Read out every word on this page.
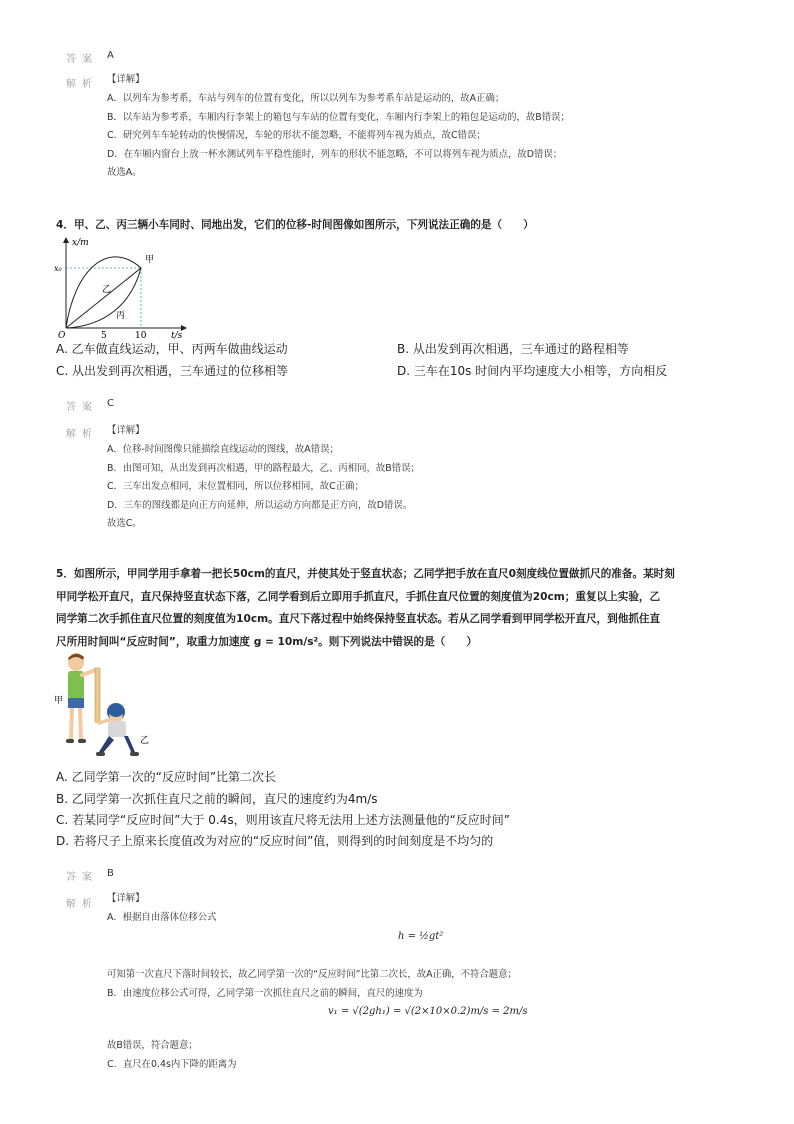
答案 A
解析 【详解】
A．以列车为参考系，车站与列车的位置有变化，所以以列车为参考系车站是运动的，故A正确；
B．以车站为参考系，车厢内行李架上的箱包与车站的位置有变化，车厢内行李架上的箱包是运动的，故B错误；
C．研究列车车轮转动的快慢情况，车轮的形状不能忽略，不能将列车视为质点，故C错误；
D．在车厢内窗台上放一杯水测试列车平稳性能时，列车的形状不能忽略，不可以将列车视为质点，故D错误；
故选A。
4．甲、乙、丙三辆小车同时、同地出发，它们的位移-时间图像如图所示，下列说法正确的是（　　）
x/m
x₀
O	5	10	t/s
甲
乙
丙
A. 乙车做直线运动，甲、丙两车做曲线运动	B. 从出发到再次相遇，三车通过的路程相等
C. 从出发到再次相遇，三车通过的位移相等	D. 三车在10s 时间内平均速度大小相等，方向相反
答案 C
解析 【详解】
A．位移-时间图像只能描绘直线运动的图线，故A错误；
B．由图可知，从出发到再次相遇，甲的路程最大，乙、丙相同，故B错误；
C．三车出发点相同，末位置相同，所以位移相同，故C正确；
D．三车的图线都是向正方向延伸，所以运动方向都是正方向，故D错误。
故选C。
5．如图所示，甲同学用手拿着一把长50cm的直尺，并使其处于竖直状态；乙同学把手放在直尺0刻度线位置做抓尺的准备。某时刻
甲同学松开直尺，直尺保持竖直状态下落，乙同学看到后立即用手抓直尺，手抓住直尺位置的刻度值为20cm；重复以上实验，乙
同学第二次手抓住直尺位置的刻度值为10cm。直尺下落过程中始终保持竖直状态。若从乙同学看到甲同学松开直尺，到他抓住直
尺所用时间叫“反应时间”，取重力加速度 g = 10m/s²。则下列说法中错误的是（　　）
甲
乙
A. 乙同学第一次的“反应时间”比第二次长
B. 乙同学第一次抓住直尺之前的瞬间，直尺的速度约为4m/s
C. 若某同学“反应时间”大于 0.4s，则用该直尺将无法用上述方法测量他的“反应时间”
D. 若将尺子上原来长度值改为对应的“反应时间”值，则得到的时间刻度是不均匀的
答案 B
解析
【详解】
A．根据自由落体位移公式
h = ½gt²
可知第一次直尺下落时间较长，故乙同学第一次的“反应时间”比第二次长，故A正确，不符合题意；
B．由速度位移公式可得，乙同学第一次抓住直尺之前的瞬间，直尺的速度为
v₁ = √(2gh₁) = √(2×10×0.2)m/s = 2m/s
故B错误，符合题意；
C．直尺在0.4s内下降的距离为
